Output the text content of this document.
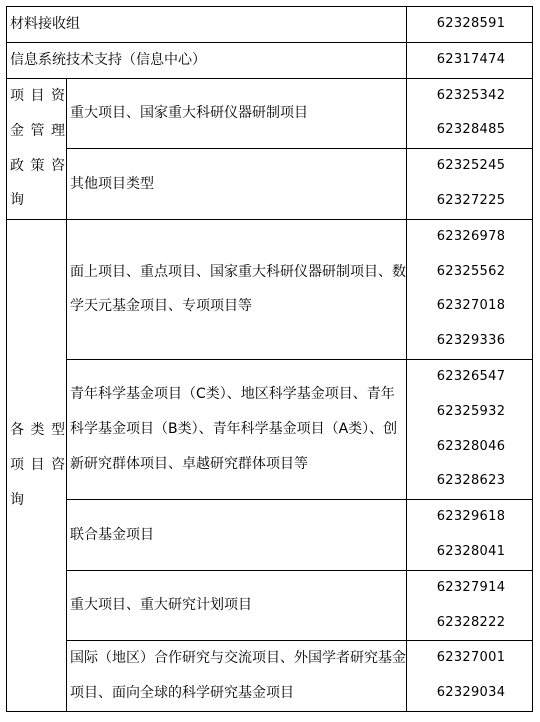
材料接收组		62328591

信息系统技术支持（信息中心）		62317474

项目资金管理政策咨询	重大项目、国家重大科研仪器研制项目	62325342
62328485

	其他项目类型	62325245
62327225

各类型项目咨询	面上项目、重点项目、国家重大科研仪器研制项目、数学天元基金项目、专项项目等	62326978
62325562
62327018
62329336

	青年科学基金项目（C类）、地区科学基金项目、青年科学基金项目（B类）、青年科学基金项目（A类）、创新研究群体项目、卓越研究群体项目等	62326547
62325932
62328046
62328623

	联合基金项目	62329618
62328041

	重大项目、重大研究计划项目	62327914
62328222

	国际（地区）合作研究与交流项目、外国学者研究基金项目、面向全球的科学研究基金项目	62327001
62329034
